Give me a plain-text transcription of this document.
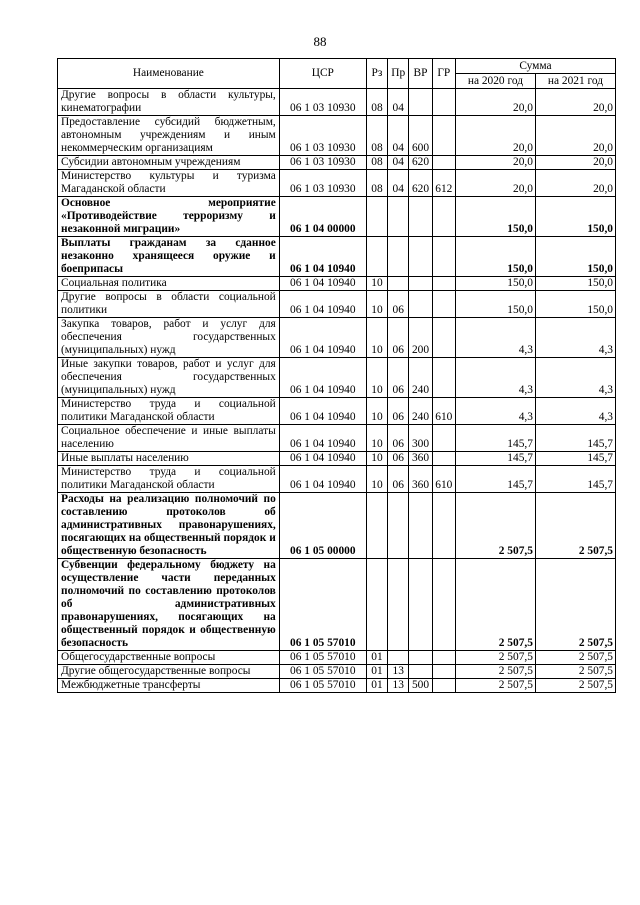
88
Наименование	ЦСР	Рз	Пр	ВР	ГР	Сумма	
						на 2020 год	на 2021 год
Другие вопросы в области культуры, кинематографии	06 1 03 10930	08	04			20,0	20,0
Предоставление субсидий бюджетным, автономным учреждениям и иным некоммерческим организациям	06 1 03 10930	08	04	600		20,0	20,0
Субсидии автономным учреждениям	06 1 03 10930	08	04	620		20,0	20,0
Министерство культуры и туризма Магаданской области	06 1 03 10930	08	04	620	612	20,0	20,0
Основное мероприятие «Противодействие терроризму и незаконной миграции»	06 1 04 00000					150,0	150,0
Выплаты гражданам за сданное незаконно хранящееся оружие и боеприпасы	06 1 04 10940					150,0	150,0
Социальная политика	06 1 04 10940	10				150,0	150,0
Другие вопросы в области социальной политики	06 1 04 10940	10	06			150,0	150,0
Закупка товаров, работ и услуг для обеспечения государственных (муниципальных) нужд	06 1 04 10940	10	06	200		4,3	4,3
Иные закупки товаров, работ и услуг для обеспечения государственных (муниципальных) нужд	06 1 04 10940	10	06	240		4,3	4,3
Министерство труда и социальной политики Магаданской области	06 1 04 10940	10	06	240	610	4,3	4,3
Социальное обеспечение и иные выплаты населению	06 1 04 10940	10	06	300		145,7	145,7
Иные выплаты населению	06 1 04 10940	10	06	360		145,7	145,7
Министерство труда и социальной политики Магаданской области	06 1 04 10940	10	06	360	610	145,7	145,7
Расходы на реализацию полномочий по составлению протоколов об административных правонарушениях, посягающих на общественный порядок и общественную безопасность	06 1 05 00000					2 507,5	2 507,5
Субвенции федеральному бюджету на осуществление части переданных полномочий по составлению протоколов об административных правонарушениях, посягающих на общественный порядок и общественную безопасность	06 1 05 57010					2 507,5	2 507,5
Общегосударственные вопросы	06 1 05 57010	01				2 507,5	2 507,5
Другие общегосударственные вопросы	06 1 05 57010	01	13			2 507,5	2 507,5
Межбюджетные трансферты	06 1 05 57010	01	13	500		2 507,5	2 507,5
